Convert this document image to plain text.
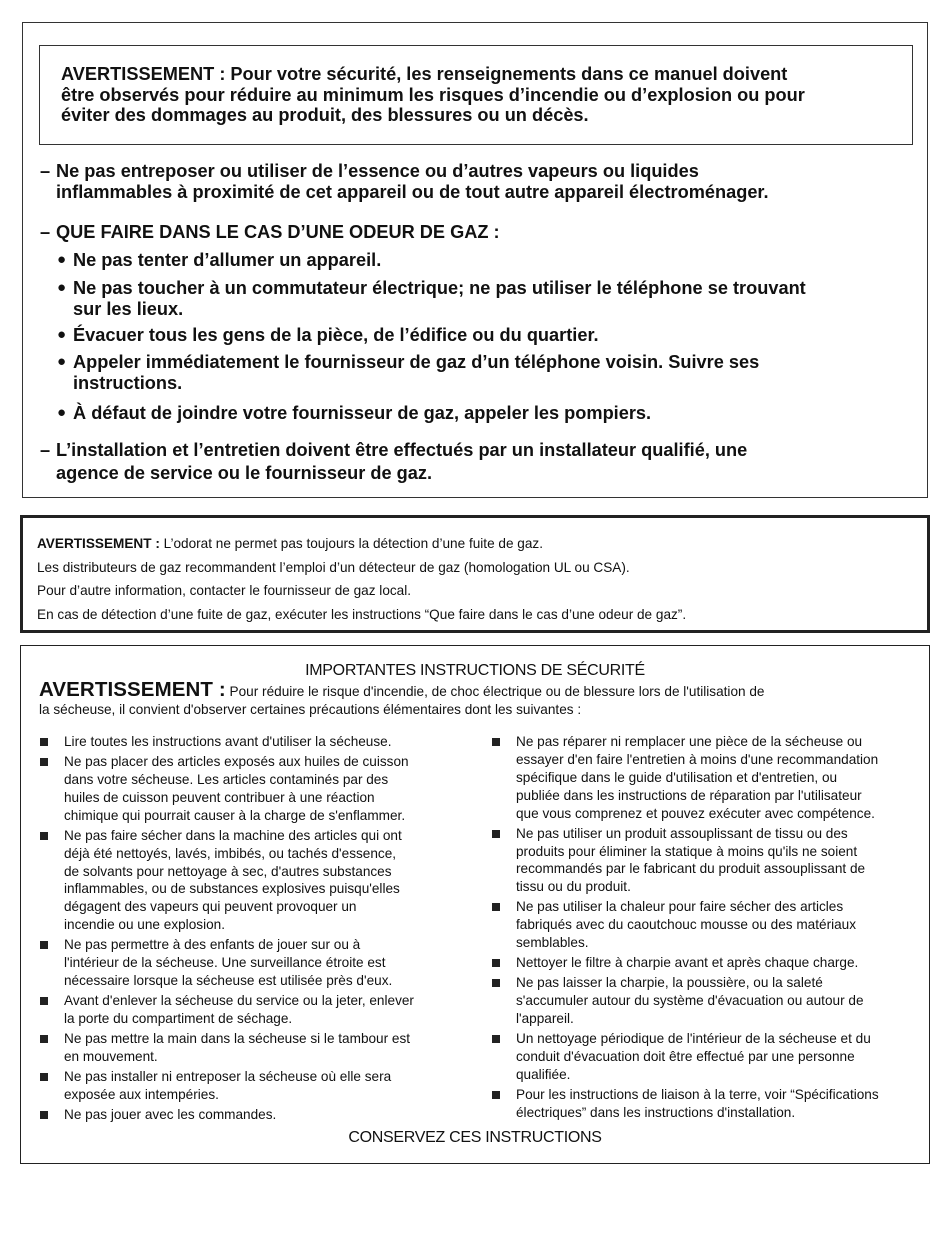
AVERTISSEMENT : Pour votre sécurité, les renseignements dans ce manuel doivent
être observés pour réduire au minimum les risques d’incendie ou d’explosion ou pour
éviter des dommages au produit, des blessures ou un décès.
– Ne pas entreposer ou utiliser de l’essence ou d’autres vapeurs ou liquides
inflammables à proximité de cet appareil ou de tout autre appareil électroménager.
– QUE FAIRE DANS LE CAS D’UNE ODEUR DE GAZ :
● Ne pas tenter d’allumer un appareil.
● Ne pas toucher à un commutateur électrique; ne pas utiliser le téléphone se trouvant
sur les lieux.
● Évacuer tous les gens de la pièce, de l’édifice ou du quartier.
● Appeler immédiatement le fournisseur de gaz d’un téléphone voisin. Suivre ses
instructions.
● À défaut de joindre votre fournisseur de gaz, appeler les pompiers.
– L’installation et l’entretien doivent être effectués par un installateur qualifié, une
agence de service ou le fournisseur de gaz.
AVERTISSEMENT : L’odorat ne permet pas toujours la détection d’une fuite de gaz.
Les distributeurs de gaz recommandent l’emploi d’un détecteur de gaz (homologation UL ou CSA).
Pour d’autre information, contacter le fournisseur de gaz local.
En cas de détection d’une fuite de gaz, exécuter les instructions “Que faire dans le cas d’une odeur de gaz”.
IMPORTANTES INSTRUCTIONS DE SÉCURITÉ
AVERTISSEMENT : Pour réduire le risque d'incendie, de choc électrique ou de blessure lors de l'utilisation de
la sécheuse, il convient d'observer certaines précautions élémentaires dont les suivantes :
Lire toutes les instructions avant d'utiliser la sécheuse.
Ne pas placer des articles exposés aux huiles de cuisson
dans votre sécheuse. Les articles contaminés par des
huiles de cuisson peuvent contribuer à une réaction
chimique qui pourrait causer à la charge de s'enflammer.
Ne pas faire sécher dans la machine des articles qui ont
déjà été nettoyés, lavés, imbibés, ou tachés d'essence,
de solvants pour nettoyage à sec, d'autres substances
inflammables, ou de substances explosives puisqu'elles
dégagent des vapeurs qui peuvent provoquer un
incendie ou une explosion.
Ne pas permettre à des enfants de jouer sur ou à
l'intérieur de la sécheuse. Une surveillance étroite est
nécessaire lorsque la sécheuse est utilisée près d'eux.
Avant d'enlever la sécheuse du service ou la jeter, enlever
la porte du compartiment de séchage.
Ne pas mettre la main dans la sécheuse si le tambour est
en mouvement.
Ne pas installer ni entreposer la sécheuse où elle sera
exposée aux intempéries.
Ne pas jouer avec les commandes.
Ne pas réparer ni remplacer une pièce de la sécheuse ou
essayer d'en faire l'entretien à moins d'une recommandation
spécifique dans le guide d'utilisation et d'entretien, ou
publiée dans les instructions de réparation par l'utilisateur
que vous comprenez et pouvez exécuter avec compétence.
Ne pas utiliser un produit assouplissant de tissu ou des
produits pour éliminer la statique à moins qu'ils ne soient
recommandés par le fabricant du produit assouplissant de
tissu ou du produit.
Ne pas utiliser la chaleur pour faire sécher des articles
fabriqués avec du caoutchouc mousse ou des matériaux
semblables.
Nettoyer le filtre à charpie avant et après chaque charge.
Ne pas laisser la charpie, la poussière, ou la saleté
s'accumuler autour du système d'évacuation ou autour de
l'appareil.
Un nettoyage périodique de l'intérieur de la sécheuse et du
conduit d'évacuation doit être effectué par une personne
qualifiée.
Pour les instructions de liaison à la terre, voir “Spécifications
électriques” dans les instructions d'installation.
CONSERVEZ CES INSTRUCTIONS
